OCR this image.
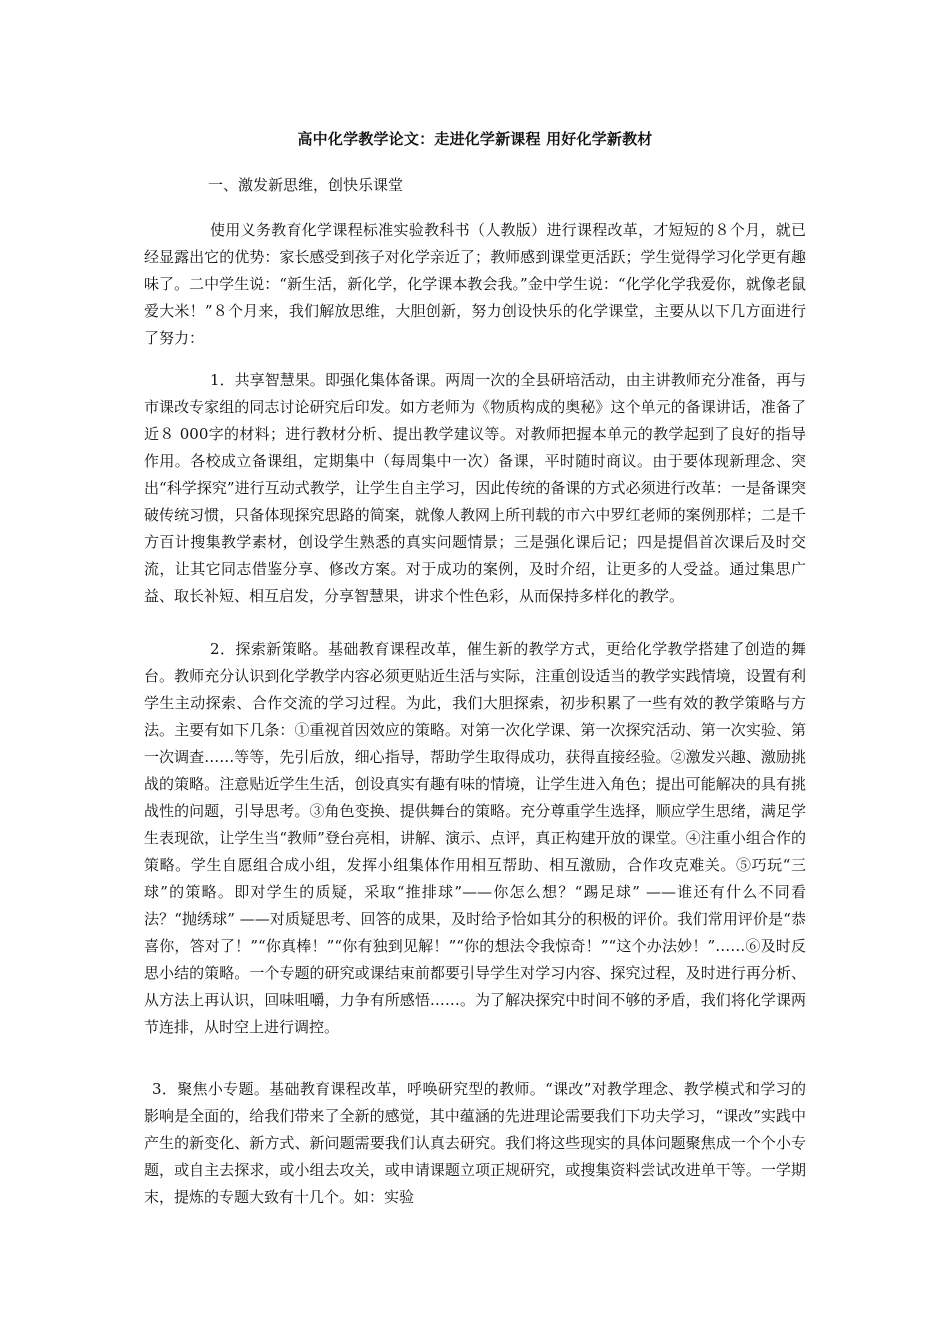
高中化学教学论文：走进化学新课程 用好化学新教材
一、激发新思维，创快乐课堂

使用义务教育化学课程标准实验教科书（人教版）进行课程改革，才短短的８个月，就已经显露出它的优势：家长感受到孩子对化学亲近了；教师感到课堂更活跃；学生觉得学习化学更有趣味了。二中学生说：“新生活，新化学，化学课本教会我。”金中学生说：“化学化学我爱你，就像老鼠爱大米！”８个月来，我们解放思维，大胆创新，努力创设快乐的化学课堂，主要从以下几方面进行了努力：

1．共享智慧果。即强化集体备课。两周一次的全县研培活动，由主讲教师充分准备，再与市课改专家组的同志讨论研究后印发。如方老师为《物质构成的奥秘》这个单元的备课讲话，准备了近８ 000字的材料；进行教材分析、提出教学建议等。对教师把握本单元的教学起到了良好的指导作用。各校成立备课组，定期集中（每周集中一次）备课，平时随时商议。由于要体现新理念、突出“科学探究”进行互动式教学，让学生自主学习，因此传统的备课的方式必须进行改革：一是备课突破传统习惯，只备体现探究思路的简案，就像人教网上所刊载的市六中罗红老师的案例那样；二是千方百计搜集教学素材，创设学生熟悉的真实问题情景；三是强化课后记；四是提倡首次课后及时交流，让其它同志借鉴分享、修改方案。对于成功的案例，及时介绍，让更多的人受益。通过集思广益、取长补短、相互启发，分享智慧果，讲求个性色彩，从而保持多样化的教学。

2．探索新策略。基础教育课程改革，催生新的教学方式，更给化学教学搭建了创造的舞台。教师充分认识到化学教学内容必须更贴近生活与实际，注重创设适当的教学实践情境，设置有利学生主动探索、合作交流的学习过程。为此，我们大胆探索，初步积累了一些有效的教学策略与方法。主要有如下几条：①重视首因效应的策略。对第一次化学课、第一次探究活动、第一次实验、第一次调查……等等，先引后放，细心指导，帮助学生取得成功，获得直接经验。②激发兴趣、激励挑战的策略。注意贴近学生生活，创设真实有趣有味的情境，让学生进入角色；提出可能解决的具有挑战性的问题，引导思考。③角色变换、提供舞台的策略。充分尊重学生选择，顺应学生思绪，满足学生表现欲，让学生当“教师”登台亮相，讲解、演示、点评，真正构建开放的课堂。④注重小组合作的策略。学生自愿组合成小组，发挥小组集体作用相互帮助、相互激励，合作攻克难关。⑤巧玩“三球”的策略。即对学生的质疑，采取“推排球”——你怎么想？“踢足球” ——谁还有什么不同看法？“抛绣球” ——对质疑思考、回答的成果，及时给予恰如其分的积极的评价。我们常用评价是“恭喜你，答对了！”“你真棒！”“你有独到见解！”“你的想法令我惊奇！”“这个办法妙！”……⑥及时反思小结的策略。一个专题的研究或课结束前都要引导学生对学习内容、探究过程，及时进行再分析、从方法上再认识，回味咀嚼，力争有所感悟……。为了解决探究中时间不够的矛盾，我们将化学课两节连排，从时空上进行调控。

3．聚焦小专题。基础教育课程改革，呼唤研究型的教师。“课改”对教学理念、教学模式和学习的影响是全面的，给我们带来了全新的感觉，其中蕴涵的先进理论需要我们下功夫学习，“课改”实践中产生的新变化、新方式、新问题需要我们认真去研究。我们将这些现实的具体问题聚焦成一个个小专题，或自主去探求，或小组去攻关，或申请课题立项正规研究，或搜集资料尝试改进单干等。一学期末，提炼的专题大致有十几个。如：实验
